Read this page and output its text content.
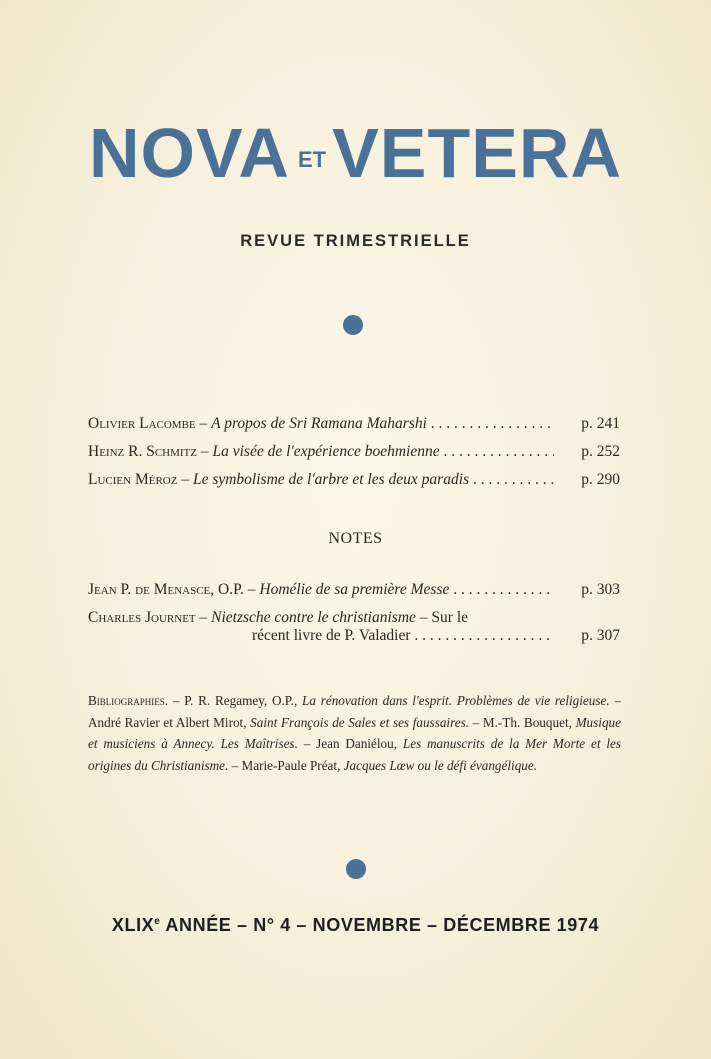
NOVA ETVETERA
REVUE TRIMESTRIELLE
Olivier Lacombe – A propos de Sri Ramana Maharshi . . .	p. 241
Heinz R. Schmitz – La visée de l'expérience boehmienne . . .	p. 252
Lucien Méroz – Le symbolisme de l'arbre et les deux paradis . . .	p. 290
NOTES
Jean P. de Menasce, O.P. – Homélie de sa première Messe . . .	p. 303
Charles Journet – Nietzsche contre le christianisme – Sur le
récent livre de P. Valadier . . .	p. 307
Bibliographies. – P. R. Regamey, O.P., La rénovation dans l'esprit. Problèmes de vie religieuse. – André Ravier et Albert Mirot, Saint François de Sales et ses faussaires. – M.-Th. Bouquet, Musique et musiciens à Annecy. Les Maîtrises. – Jean Daniélou, Les manuscrits de la Mer Morte et les origines du Christianisme. – Marie-Paule Préat, Jacques Lœw ou le défi évangélique.
XLIXe ANNÉE – N° 4 – NOVEMBRE – DÉCEMBRE 1974
